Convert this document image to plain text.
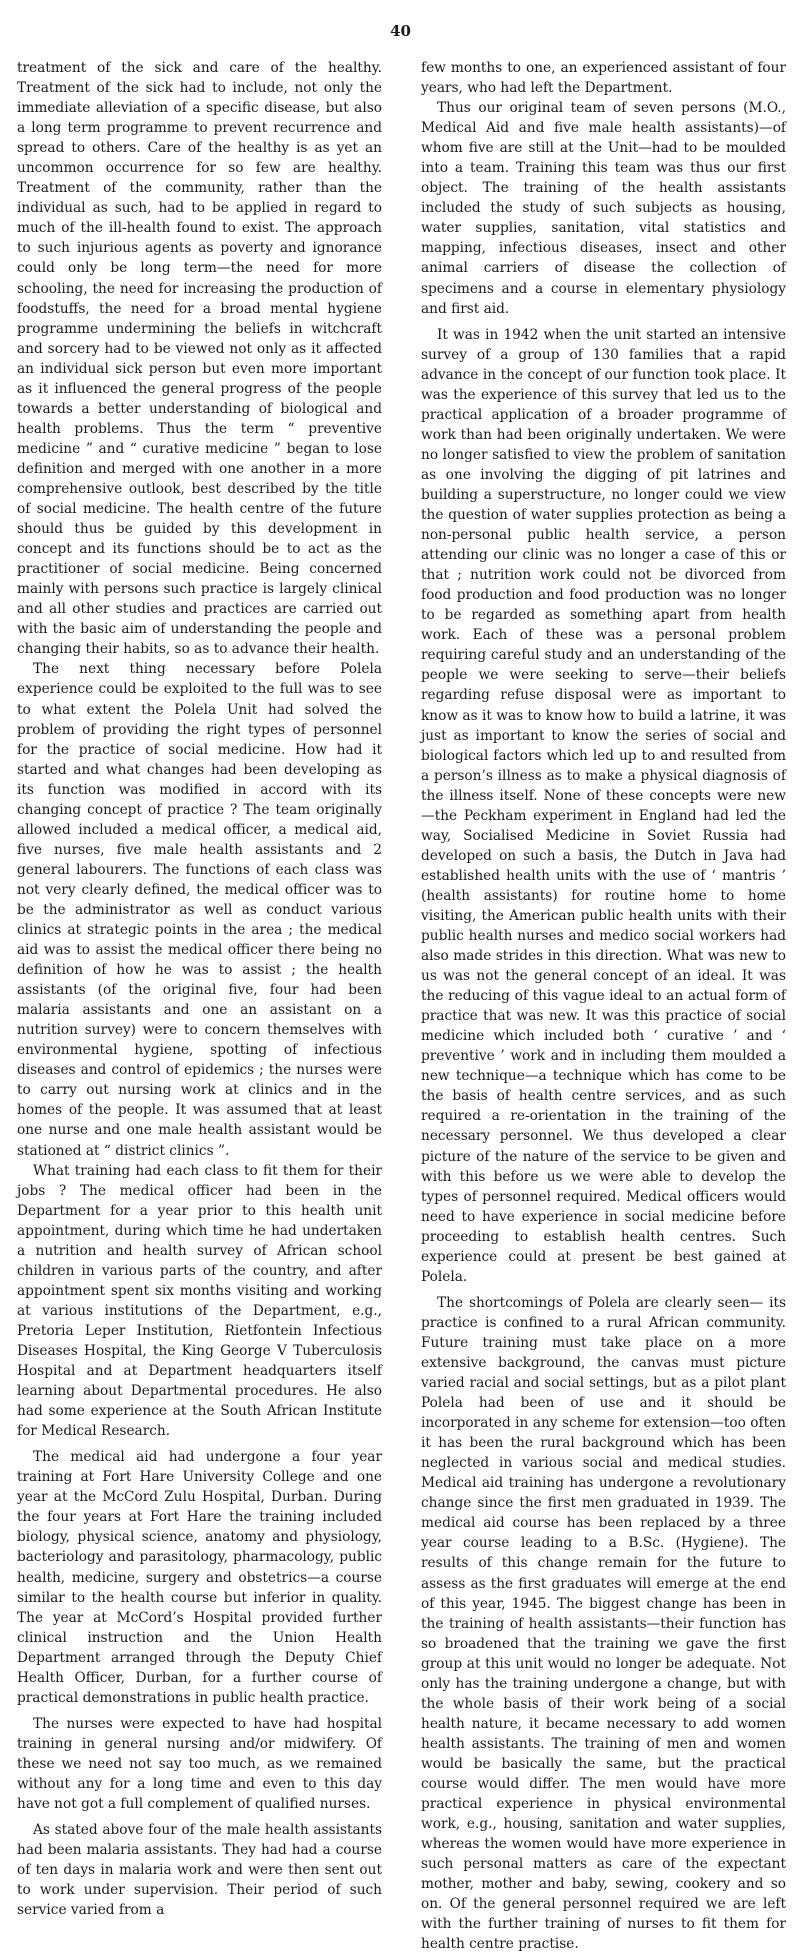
40

treatment of the sick and care of the healthy. Treatment of the sick had to include, not only the immediate alleviation of a specific disease, but also a long term programme to prevent recurrence and spread to others. Care of the healthy is as yet an uncommon occurrence for so few are healthy. Treatment of the community, rather than the individual as such, had to be applied in regard to much of the ill-health found to exist. The approach to such injurious agents as poverty and ignorance could only be long term—the need for more schooling, the need for increasing the production of foodstuffs, the need for a broad mental hygiene programme undermining the beliefs in witchcraft and sorcery had to be viewed not only as it affected an individual sick person but even more important as it influenced the general progress of the people towards a better understanding of biological and health problems. Thus the term “ preventive medicine ” and “ curative medicine ” began to lose definition and merged with one another in a more comprehensive outlook, best described by the title of social medicine. The health centre of the future should thus be guided by this development in concept and its functions should be to act as the practitioner of social medicine. Being concerned mainly with persons such practice is largely clinical and all other studies and practices are carried out with the basic aim of understanding the people and changing their habits, so as to advance their health.

The next thing necessary before Polela experience could be exploited to the full was to see to what extent the Polela Unit had solved the problem of providing the right types of personnel for the practice of social medicine. How had it started and what changes had been developing as its function was modified in accord with its changing concept of practice ? The team originally allowed included a medical officer, a medical aid, five nurses, five male health assistants and 2 general labourers. The functions of each class was not very clearly defined, the medical officer was to be the administrator as well as conduct various clinics at strategic points in the area ; the medical aid was to assist the medical officer there being no definition of how he was to assist ; the health assistants (of the original five, four had been malaria assistants and one an assistant on a nutrition survey) were to concern themselves with environmental hygiene, spotting of infectious diseases and control of epidemics ; the nurses were to carry out nursing work at clinics and in the homes of the people. It was assumed that at least one nurse and one male health assistant would be stationed at “ district clinics ”.

What training had each class to fit them for their jobs ? The medical officer had been in the Department for a year prior to this health unit appointment, during which time he had undertaken a nutrition and health survey of African school children in various parts of the country, and after appointment spent six months visiting and working at various institutions of the Department, e.g., Pretoria Leper Institution, Rietfontein Infectious Diseases Hospital, the King George V Tuberculosis Hospital and at Department headquarters itself learning about Departmental procedures. He also had some experience at the South African Institute for Medical Research.

The medical aid had undergone a four year training at Fort Hare University College and one year at the McCord Zulu Hospital, Durban. During the four years at Fort Hare the training included biology, physical science, anatomy and physiology, bacteriology and parasitology, pharmacology, public health, medicine, surgery and obstetrics—a course similar to the health course but inferior in quality. The year at McCord’s Hospital provided further clinical instruction and the Union Health Department arranged through the Deputy Chief Health Officer, Durban, for a further course of practical demonstrations in public health practice.

The nurses were expected to have had hospital training in general nursing and/or midwifery. Of these we need not say too much, as we remained without any for a long time and even to this day have not got a full complement of qualified nurses.

As stated above four of the male health assistants had been malaria assistants. They had had a course of ten days in malaria work and were then sent out to work under supervision. Their period of such service varied from a

few months to one, an experienced assistant of four years, who had left the Department.

Thus our original team of seven persons (M.O., Medical Aid and five male health assistants)—of whom five are still at the Unit—had to be moulded into a team. Training this team was thus our first object. The training of the health assistants included the study of such subjects as housing, water supplies, sanitation, vital statistics and mapping, infectious diseases, insect and other animal carriers of disease the collection of specimens and a course in elementary physiology and first aid.

It was in 1942 when the unit started an intensive survey of a group of 130 families that a rapid advance in the concept of our function took place. It was the experience of this survey that led us to the practical application of a broader programme of work than had been originally undertaken. We were no longer satisfied to view the problem of sanitation as one involving the digging of pit latrines and building a superstructure, no longer could we view the question of water supplies protection as being a non-personal public health service, a person attending our clinic was no longer a case of this or that ; nutrition work could not be divorced from food production and food production was no longer to be regarded as something apart from health work. Each of these was a personal problem requiring careful study and an understanding of the people we were seeking to serve—their beliefs regarding refuse disposal were as important to know as it was to know how to build a latrine, it was just as important to know the series of social and biological factors which led up to and resulted from a person’s illness as to make a physical diagnosis of the illness itself. None of these concepts were new—the Peckham experiment in England had led the way, Socialised Medicine in Soviet Russia had developed on such a basis, the Dutch in Java had established health units with the use of ‘ mantris ’ (health assistants) for routine home to home visiting, the American public health units with their public health nurses and medico social workers had also made strides in this direction. What was new to us was not the general concept of an ideal. It was the reducing of this vague ideal to an actual form of practice that was new. It was this practice of social medicine which included both ‘ curative ’ and ‘ preventive ’ work and in including them moulded a new technique—a technique which has come to be the basis of health centre services, and as such required a re-orientation in the training of the necessary personnel. We thus developed a clear picture of the nature of the service to be given and with this before us we were able to develop the types of personnel required. Medical officers would need to have experience in social medicine before proceeding to establish health centres. Such experience could at present be best gained at Polela.

The shortcomings of Polela are clearly seen— its practice is confined to a rural African community. Future training must take place on a more extensive background, the canvas must picture varied racial and social settings, but as a pilot plant Polela had been of use and it should be incorporated in any scheme for extension—too often it has been the rural background which has been neglected in various social and medical studies. Medical aid training has undergone a revolutionary change since the first men graduated in 1939. The medical aid course has been replaced by a three year course leading to a B.Sc. (Hygiene). The results of this change remain for the future to assess as the first graduates will emerge at the end of this year, 1945. The biggest change has been in the training of health assistants—their function has so broadened that the training we gave the first group at this unit would no longer be adequate. Not only has the training undergone a change, but with the whole basis of their work being of a social health nature, it became necessary to add women health assistants. The training of men and women would be basically the same, but the practical course would differ. The men would have more practical experience in physical environmental work, e.g., housing, sanitation and water supplies, whereas the women would have more experience in such personal matters as care of the expectant mother, mother and baby, sewing, cookery and so on. Of the general personnel required we are left with the further training of nurses to fit them for health centre practise.
